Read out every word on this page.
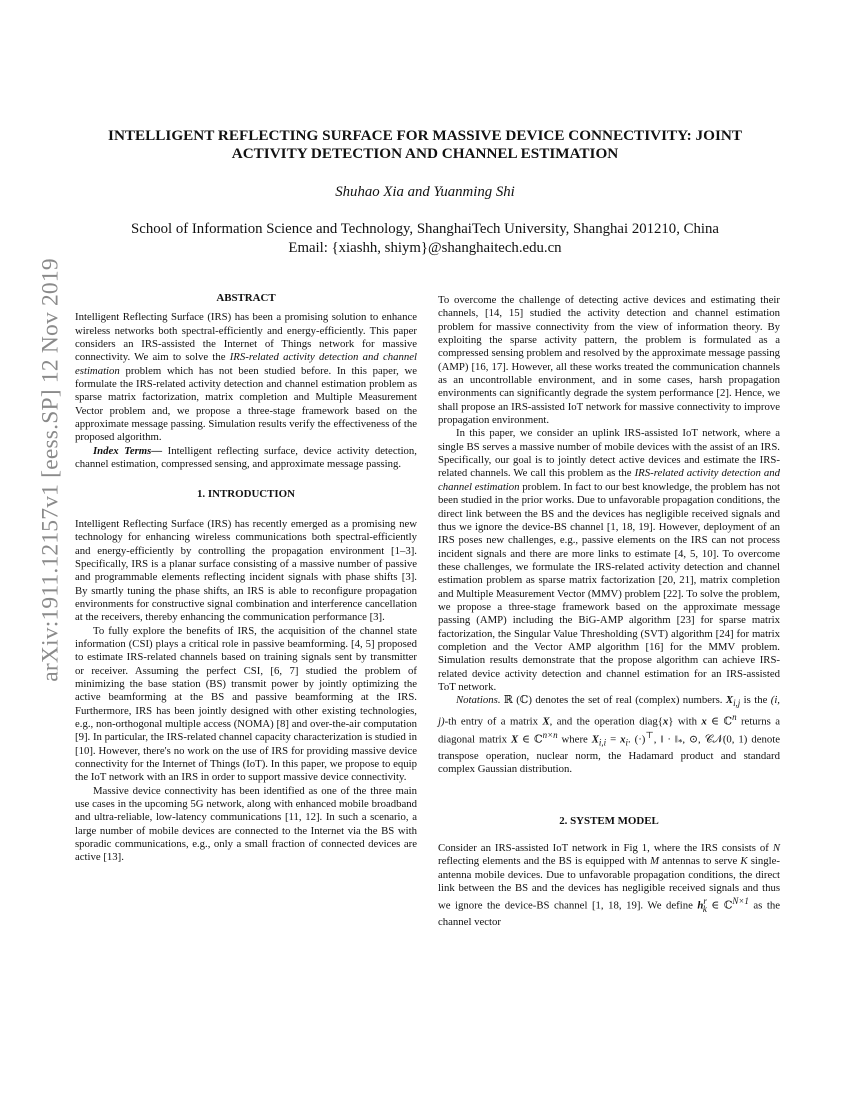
arXiv:1911.12157v1 [eess.SP] 12 Nov 2019
INTELLIGENT REFLECTING SURFACE FOR MASSIVE DEVICE CONNECTIVITY: JOINT ACTIVITY DETECTION AND CHANNEL ESTIMATION
Shuhao Xia and Yuanming Shi
School of Information Science and Technology, ShanghaiTech University, Shanghai 201210, China
Email: {xiashh, shiym}@shanghaitech.edu.cn
ABSTRACT

Intelligent Reflecting Surface (IRS) has been a promising solution to enhance wireless networks both spectral-efficiently and energy-efficiently. This paper considers an IRS-assisted the Internet of Things network for massive connectivity. We aim to solve the IRS-related activity detection and channel estimation problem which has not been studied before. In this paper, we formulate the IRS-related activity detection and channel estimation problem as sparse matrix factorization, matrix completion and Multiple Measurement Vector problem and, we propose a three-stage framework based on the approximate message passing. Simulation results verify the effectiveness of the proposed algorithm.

Index Terms— Intelligent reflecting surface, device activity detection, channel estimation, compressed sensing, and approximate message passing.

1. INTRODUCTION

Intelligent Reflecting Surface (IRS) has recently emerged as a promising new technology for enhancing wireless communications both spectral-efficiently and energy-efficiently by controlling the propagation environment [1–3]. Specifically, IRS is a planar surface consisting of a massive number of passive and programmable elements reflecting incident signals with phase shifts [3]. By smartly tuning the phase shifts, an IRS is able to reconfigure propagation environments for constructive signal combination and interference cancellation at the receivers, thereby enhancing the communication performance [3].

To fully explore the benefits of IRS, the acquisition of the channel state information (CSI) plays a critical role in passive beamforming. [4, 5] proposed to estimate IRS-related channels based on training signals sent by transmitter or receiver. Assuming the perfect CSI, [6, 7] studied the problem of minimizing the base station (BS) transmit power by jointly optimizing the active beamforming at the BS and passive beamforming at the IRS. Furthermore, IRS has been jointly designed with other existing technologies, e.g., non-orthogonal multiple access (NOMA) [8] and over-the-air computation [9]. In particular, the IRS-related channel capacity characterization is studied in [10]. However, there's no work on the use of IRS for providing massive device connectivity for the Internet of Things (IoT). In this paper, we propose to equip the IoT network with an IRS in order to support massive device connectivity.

Massive device connectivity has been identified as one of the three main use cases in the upcoming 5G network, along with enhanced mobile broadband and ultra-reliable, low-latency communications [11, 12]. In such a scenario, a large number of mobile devices are connected to the Internet via the BS with sporadic communications, e.g., only a small fraction of connected devices are active [13].

To overcome the challenge of detecting active devices and estimating their channels, [14, 15] studied the activity detection and channel estimation problem for massive connectivity from the view of information theory. By exploiting the sparse activity pattern, the problem is formulated as a compressed sensing problem and resolved by the approximate message passing (AMP) [16, 17]. However, all these works treated the communication channels as an uncontrollable environment, and in some cases, harsh propagation environments can significantly degrade the system performance [2]. Hence, we shall propose an IRS-assisted IoT network for massive connectivity to improve propagation environment.

In this paper, we consider an uplink IRS-assisted IoT network, where a single BS serves a massive number of mobile devices with the assist of an IRS. Specifically, our goal is to jointly detect active devices and estimate the IRS-related channels. We call this problem as the IRS-related activity detection and channel estimation problem. In fact to our best knowledge, the problem has not been studied in the prior works. Due to unfavorable propagation conditions, the direct link between the BS and the devices has negligible received signals and thus we ignore the device-BS channel [1, 18, 19]. However, deployment of an IRS poses new challenges, e.g., passive elements on the IRS can not process incident signals and there are more links to estimate [4, 5, 10]. To overcome these challenges, we formulate the IRS-related activity detection and channel estimation problem as sparse matrix factorization [20, 21], matrix completion and Multiple Measurement Vector (MMV) problem [22]. To solve the problem, we propose a three-stage framework based on the approximate message passing (AMP) including the BiG-AMP algorithm [23] for sparse matrix factorization, the Singular Value Thresholding (SVT) algorithm [24] for matrix completion and the Vector AMP algorithm [16] for the MMV problem. Simulation results demonstrate that the propose algorithm can achieve IRS-related device activity detection and channel estimation for an IRS-assisted ToT network.

Notations. ℝ (ℂ) denotes the set of real (complex) numbers. $X_{i,j}$ is the (i, j)-th entry of a matrix X, and the operation diag{x} with x ∈ ℂ$^n$ returns a diagonal matrix X ∈ ℂ$^{n\times n}$ where $X_{i,i} = x_i$. (·)⊤, ‖ · $‖_*$, ⊙, 𝒞𝒩(0, 1) denote transpose operation, nuclear norm, the Hadamard product and standard complex Gaussian distribution.

2. SYSTEM MODEL

Consider an IRS-assisted IoT network in Fig 1, where the IRS consists of N reflecting elements and the BS is equipped with M antennas to serve K single-antenna mobile devices. Due to unfavorable propagation conditions, the direct link between the BS and the devices has negligible received signals and thus we ignore the device-BS channel [1, 18, 19]. We define $h^r_k$ ∈ ℂ$^{N\times 1}$ as the channel vector
